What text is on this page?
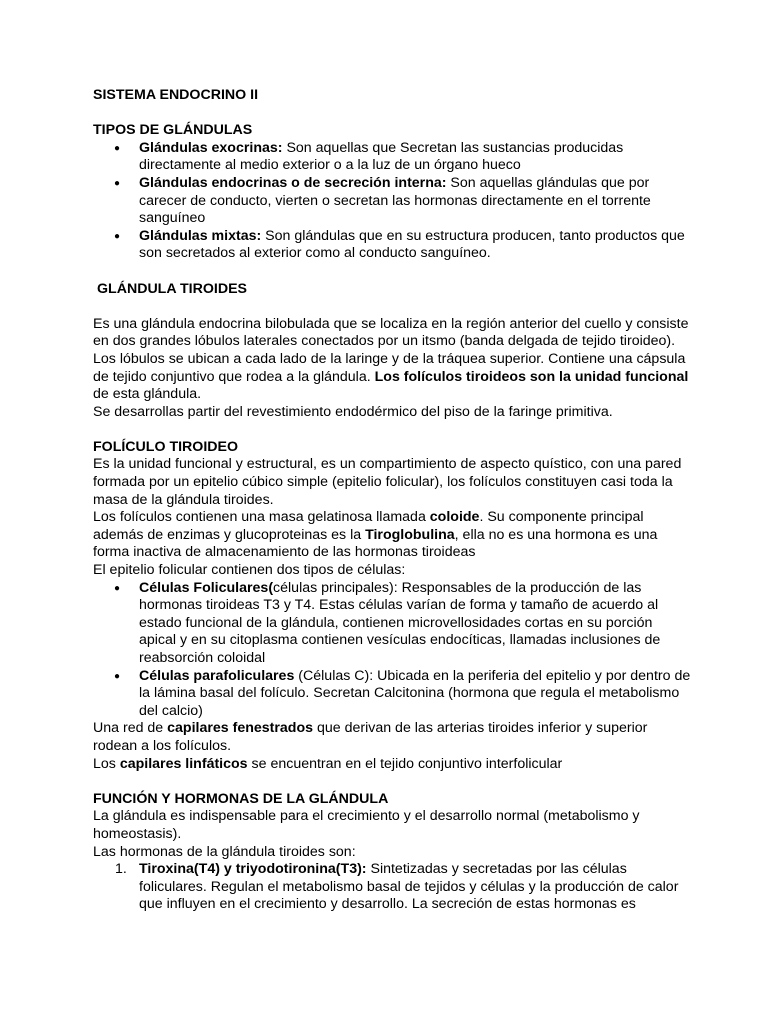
SISTEMA ENDOCRINO II

TIPOS DE GLÁNDULAS

● Glándulas exocrinas: Son aquellas que Secretan las sustancias producidas directamente al medio exterior o a la luz de un órgano hueco
● Glándulas endocrinas o de secreción interna: Son aquellas glándulas que por carecer de conducto, vierten o secretan las hormonas directamente en el torrente sanguíneo
● Glándulas mixtas: Son glándulas que en su estructura producen, tanto productos que son secretados al exterior como al conducto sanguíneo.

GLÁNDULA TIROIDES

Es una glándula endocrina bilobulada que se localiza en la región anterior del cuello y consiste en dos grandes lóbulos laterales conectados por un itsmo (banda delgada de tejido tiroideo). Los lóbulos se ubican a cada lado de la laringe y de la tráquea superior. Contiene una cápsula de tejido conjuntivo que rodea a la glándula. Los folículos tiroideos son la unidad funcional de esta glándula.

Se desarrollas partir del revestimiento endodérmico del piso de la faringe primitiva.

FOLÍCULO TIROIDEO

Es la unidad funcional y estructural, es un compartimiento de aspecto quístico, con una pared formada por un epitelio cúbico simple (epitelio folicular), los folículos constituyen casi toda la masa de la glándula tiroides.

Los folículos contienen una masa gelatinosa llamada coloide. Su componente principal además de enzimas y glucoproteinas es la Tiroglobulina, ella no es una hormona es una forma inactiva de almacenamiento de las hormonas tiroideas

El epitelio folicular contienen dos tipos de células:

● Células Foliculares(células principales): Responsables de la producción de las hormonas tiroideas T3 y T4. Estas células varían de forma y tamaño de acuerdo al estado funcional de la glándula, contienen microvellosidades cortas en su porción apical y en su citoplasma contienen vesículas endocíticas, llamadas inclusiones de reabsorción coloidal
● Células parafoliculares (Células C): Ubicada en la periferia del epitelio y por dentro de la lámina basal del folículo. Secretan Calcitonina (hormona que regula el metabolismo del calcio)

Una red de capilares fenestrados que derivan de las arterias tiroides inferior y superior rodean a los folículos.

Los capilares linfáticos se encuentran en el tejido conjuntivo interfolicular

FUNCIÓN Y HORMONAS DE LA GLÁNDULA

La glándula es indispensable para el crecimiento y el desarrollo normal (metabolismo y homeostasis).

Las hormonas de la glándula tiroides son:

1. Tiroxina(T4) y triyodotironina(T3): Sintetizadas y secretadas por las células foliculares. Regulan el metabolismo basal de tejidos y células y la producción de calor que influyen en el crecimiento y desarrollo. La secreción de estas hormonas es
